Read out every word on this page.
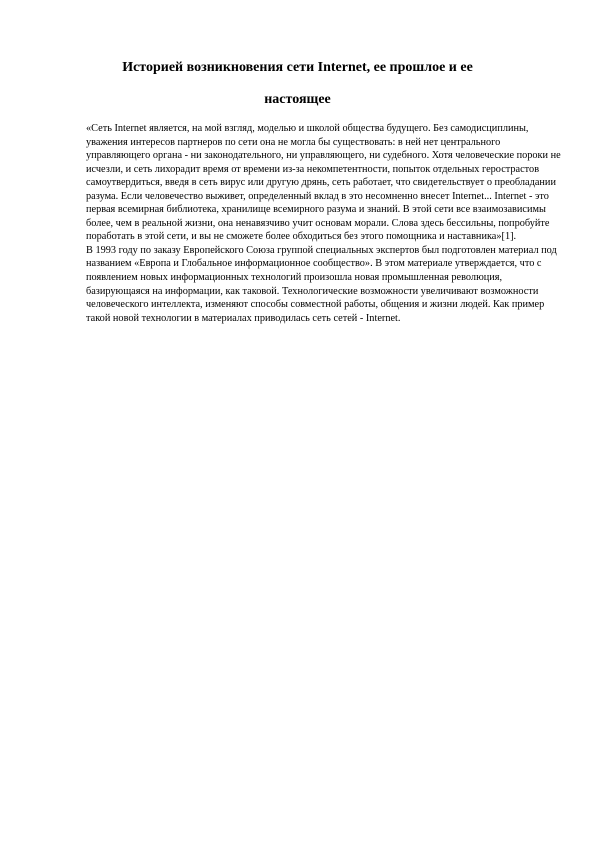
Историей возникновения сети Internet, ее прошлое и ее
настоящее

«Сеть Internet является, на мой взгляд, моделью и школой общества будущего. Без самодисциплины, уважения интересов партнеров по сети она не могла бы существовать: в ней нет центрального управляющего органа - ни законодательного, ни управляющего, ни судебного. Хотя человеческие пороки не исчезли, и сеть лихорадит время от времени из-за некомпетентности, попыток отдельных герострастов самоутвердиться, введя в сеть вирус или другую дрянь, сеть работает, что свидетельствует о преобладании разума. Если человечество выживет, определенный вклад в это несомненно внесет Internet... Internet - это первая всемирная библиотека, хранилище всемирного разума и знаний. В этой сети все взаимозависимы более, чем в реальной жизни, она ненавязчиво учит основам морали. Слова здесь бессильны, попробуйте поработать в этой сети, и вы не сможете более обходиться без этого помощника и наставника»[1].

В 1993 году по заказу Европейского Союза группой специальных экспертов был подготовлен материал под названием «Европа и Глобальное информационное сообщество». В этом материале утверждается, что с появлением новых информационных технологий произошла новая промышленная революция, базирующаяся на информации, как таковой. Технологические возможности увеличивают возможности человеческого интеллекта, изменяют способы совместной работы, общения и жизни людей. Как пример такой новой технологии в материалах приводилась сеть сетей - Internet.
